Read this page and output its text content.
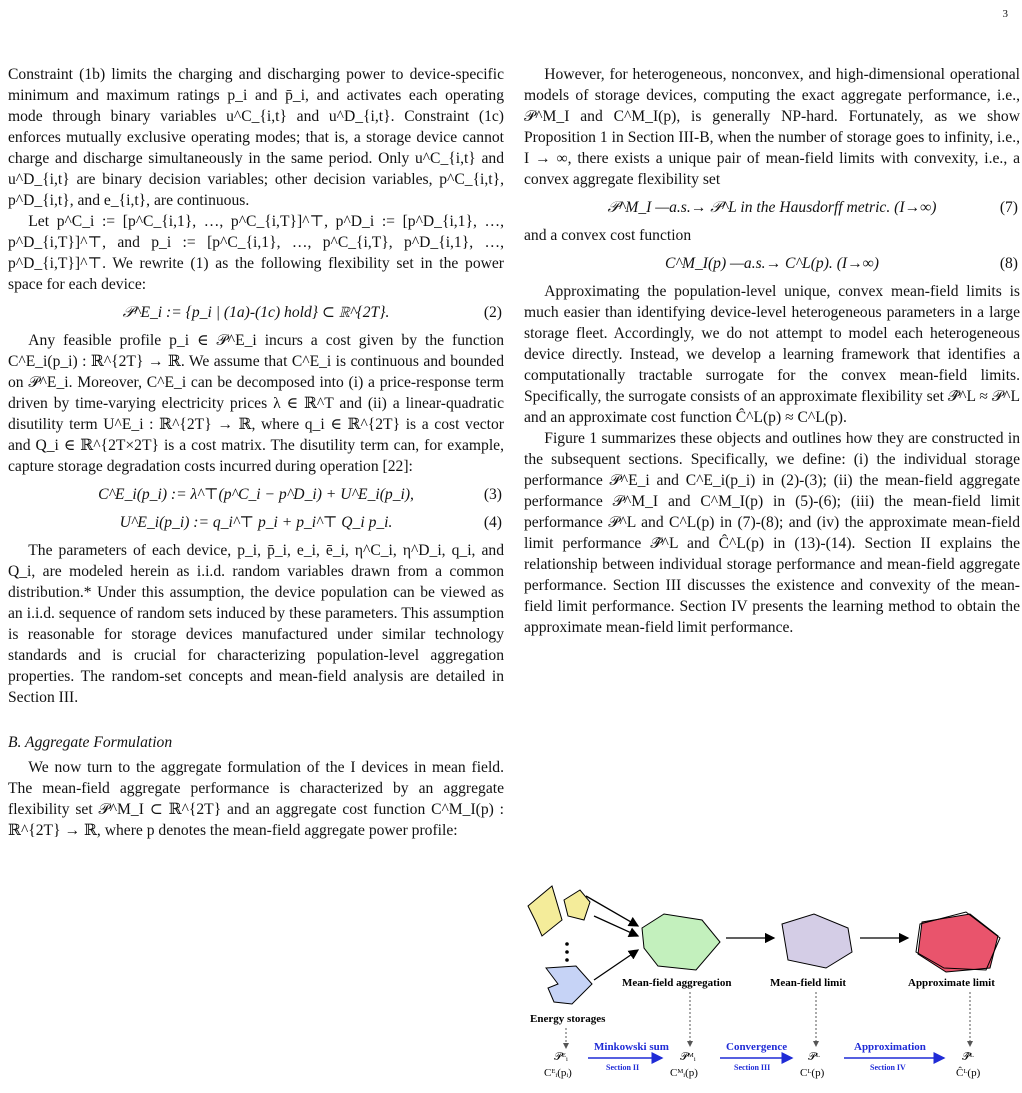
3

Constraint (1b) limits the charging and discharging power to device-specific minimum and maximum ratings p_i and p̄_i, and activates each operating mode through binary variables u^C_{i,t} and u^D_{i,t}. Constraint (1c) enforces mutually exclusive operating modes; that is, a storage device cannot charge and discharge simultaneously in the same period. Only u^C_{i,t} and u^D_{i,t} are binary decision variables; other decision variables, p^C_{i,t}, p^D_{i,t}, and e_{i,t}, are continuous.

Let p^C_i := [p^C_{i,1}, …, p^C_{i,T}]^⊤, p^D_i := [p^D_{i,1}, …, p^D_{i,T}]^⊤, and p_i := [p^C_{i,1}, …, p^C_{i,T}, p^D_{i,1}, …, p^D_{i,T}]^⊤. We rewrite (1) as the following flexibility set in the power space for each device:

𝒫^E_i := {p_i | (1a)-(1c) hold} ⊂ ℝ^{2T}.	(2)

Any feasible profile p_i ∈ 𝒫^E_i incurs a cost given by the function C^E_i(p_i) : ℝ^{2T} → ℝ. We assume that C^E_i is continuous and bounded on 𝒫^E_i. Moreover, C^E_i can be decomposed into (i) a price-response term driven by time-varying electricity prices λ ∈ ℝ^T and (ii) a linear-quadratic disutility term U^E_i : ℝ^{2T} → ℝ, where q_i ∈ ℝ^{2T} is a cost vector and Q_i ∈ ℝ^{2T×2T} is a cost matrix. The disutility term can, for example, capture storage degradation costs incurred during operation [22]:

C^E_i(p_i) := λ^⊤(p^C_i − p^D_i) + U^E_i(p_i),	(3)
U^E_i(p_i) := q_i^⊤ p_i + p_i^⊤ Q_i p_i.	(4)

The parameters of each device, p_i, p̄_i, e_i, ē_i, η^C_i, η^D_i, q_i, and Q_i, are modeled herein as i.i.d. random variables drawn from a common distribution.* Under this assumption, the device population can be viewed as an i.i.d. sequence of random sets induced by these parameters. This assumption is reasonable for storage devices manufactured under similar technology standards and is crucial for characterizing population-level aggregation properties. The random-set concepts and mean-field analysis are detailed in Section III.

B. Aggregate Formulation

We now turn to the aggregate formulation of the I devices in mean field. The mean-field aggregate performance is characterized by an aggregate flexibility set 𝒫^M_I ⊂ ℝ^{2T} and an aggregate cost function C^M_I(p) : ℝ^{2T} → ℝ, where p denotes the mean-field aggregate power profile:

However, for heterogeneous, nonconvex, and high-dimensional operational models of storage devices, computing the exact aggregate performance, i.e., 𝒫^M_I and C^M_I(p), is generally NP-hard. Fortunately, as we show Proposition 1 in Section III-B, when the number of storage goes to infinity, i.e., I → ∞, there exists a unique pair of mean-field limits with convexity, i.e., a convex aggregate flexibility set

𝒫^M_I —a.s.→ 𝒫^L in the Hausdorff metric. (I→∞)	(7)

and a convex cost function

C^M_I(p) —a.s.→ C^L(p). (I→∞)	(8)

Approximating the population-level unique, convex mean-field limits is much easier than identifying device-level heterogeneous parameters in a large storage fleet. Accordingly, we do not attempt to model each heterogeneous device directly. Instead, we develop a learning framework that identifies a computationally tractable surrogate for the convex mean-field limits. Specifically, the surrogate consists of an approximate flexibility set 𝒫̂^L ≈ 𝒫^L and an approximate cost function Ĉ^L(p) ≈ C^L(p).

Figure 1 summarizes these objects and outlines how they are constructed in the subsequent sections. Specifically, we define: (i) the individual storage performance 𝒫^E_i and C^E_i(p_i) in (2)-(3); (ii) the mean-field aggregate performance 𝒫^M_I and C^M_I(p) in (5)-(6); (iii) the mean-field limit performance 𝒫^L and C^L(p) in (7)-(8); and (iv) the approximate mean-field limit performance 𝒫̂^L and Ĉ^L(p) in (13)-(14). Section II explains the relationship between individual storage performance and mean-field aggregate performance. Section III discusses the existence and convexity of the mean-field limit performance. Section IV presents the learning method to obtain the approximate mean-field limit performance.

Energy storages
Mean-field aggregation	Mean-field limit	Approximate limit
𝒫ᴱᵢ
Cᴱᵢ(pᵢ)
𝒫ᴹᵢ
Cᴹᵢ(p)
𝒫ᴸ
Cᴸ(p)
𝒫̂ᴸ
Ĉᴸ(p)
Minkowski sum
Section II
Convergence
Section III
Approximation
Section IV
